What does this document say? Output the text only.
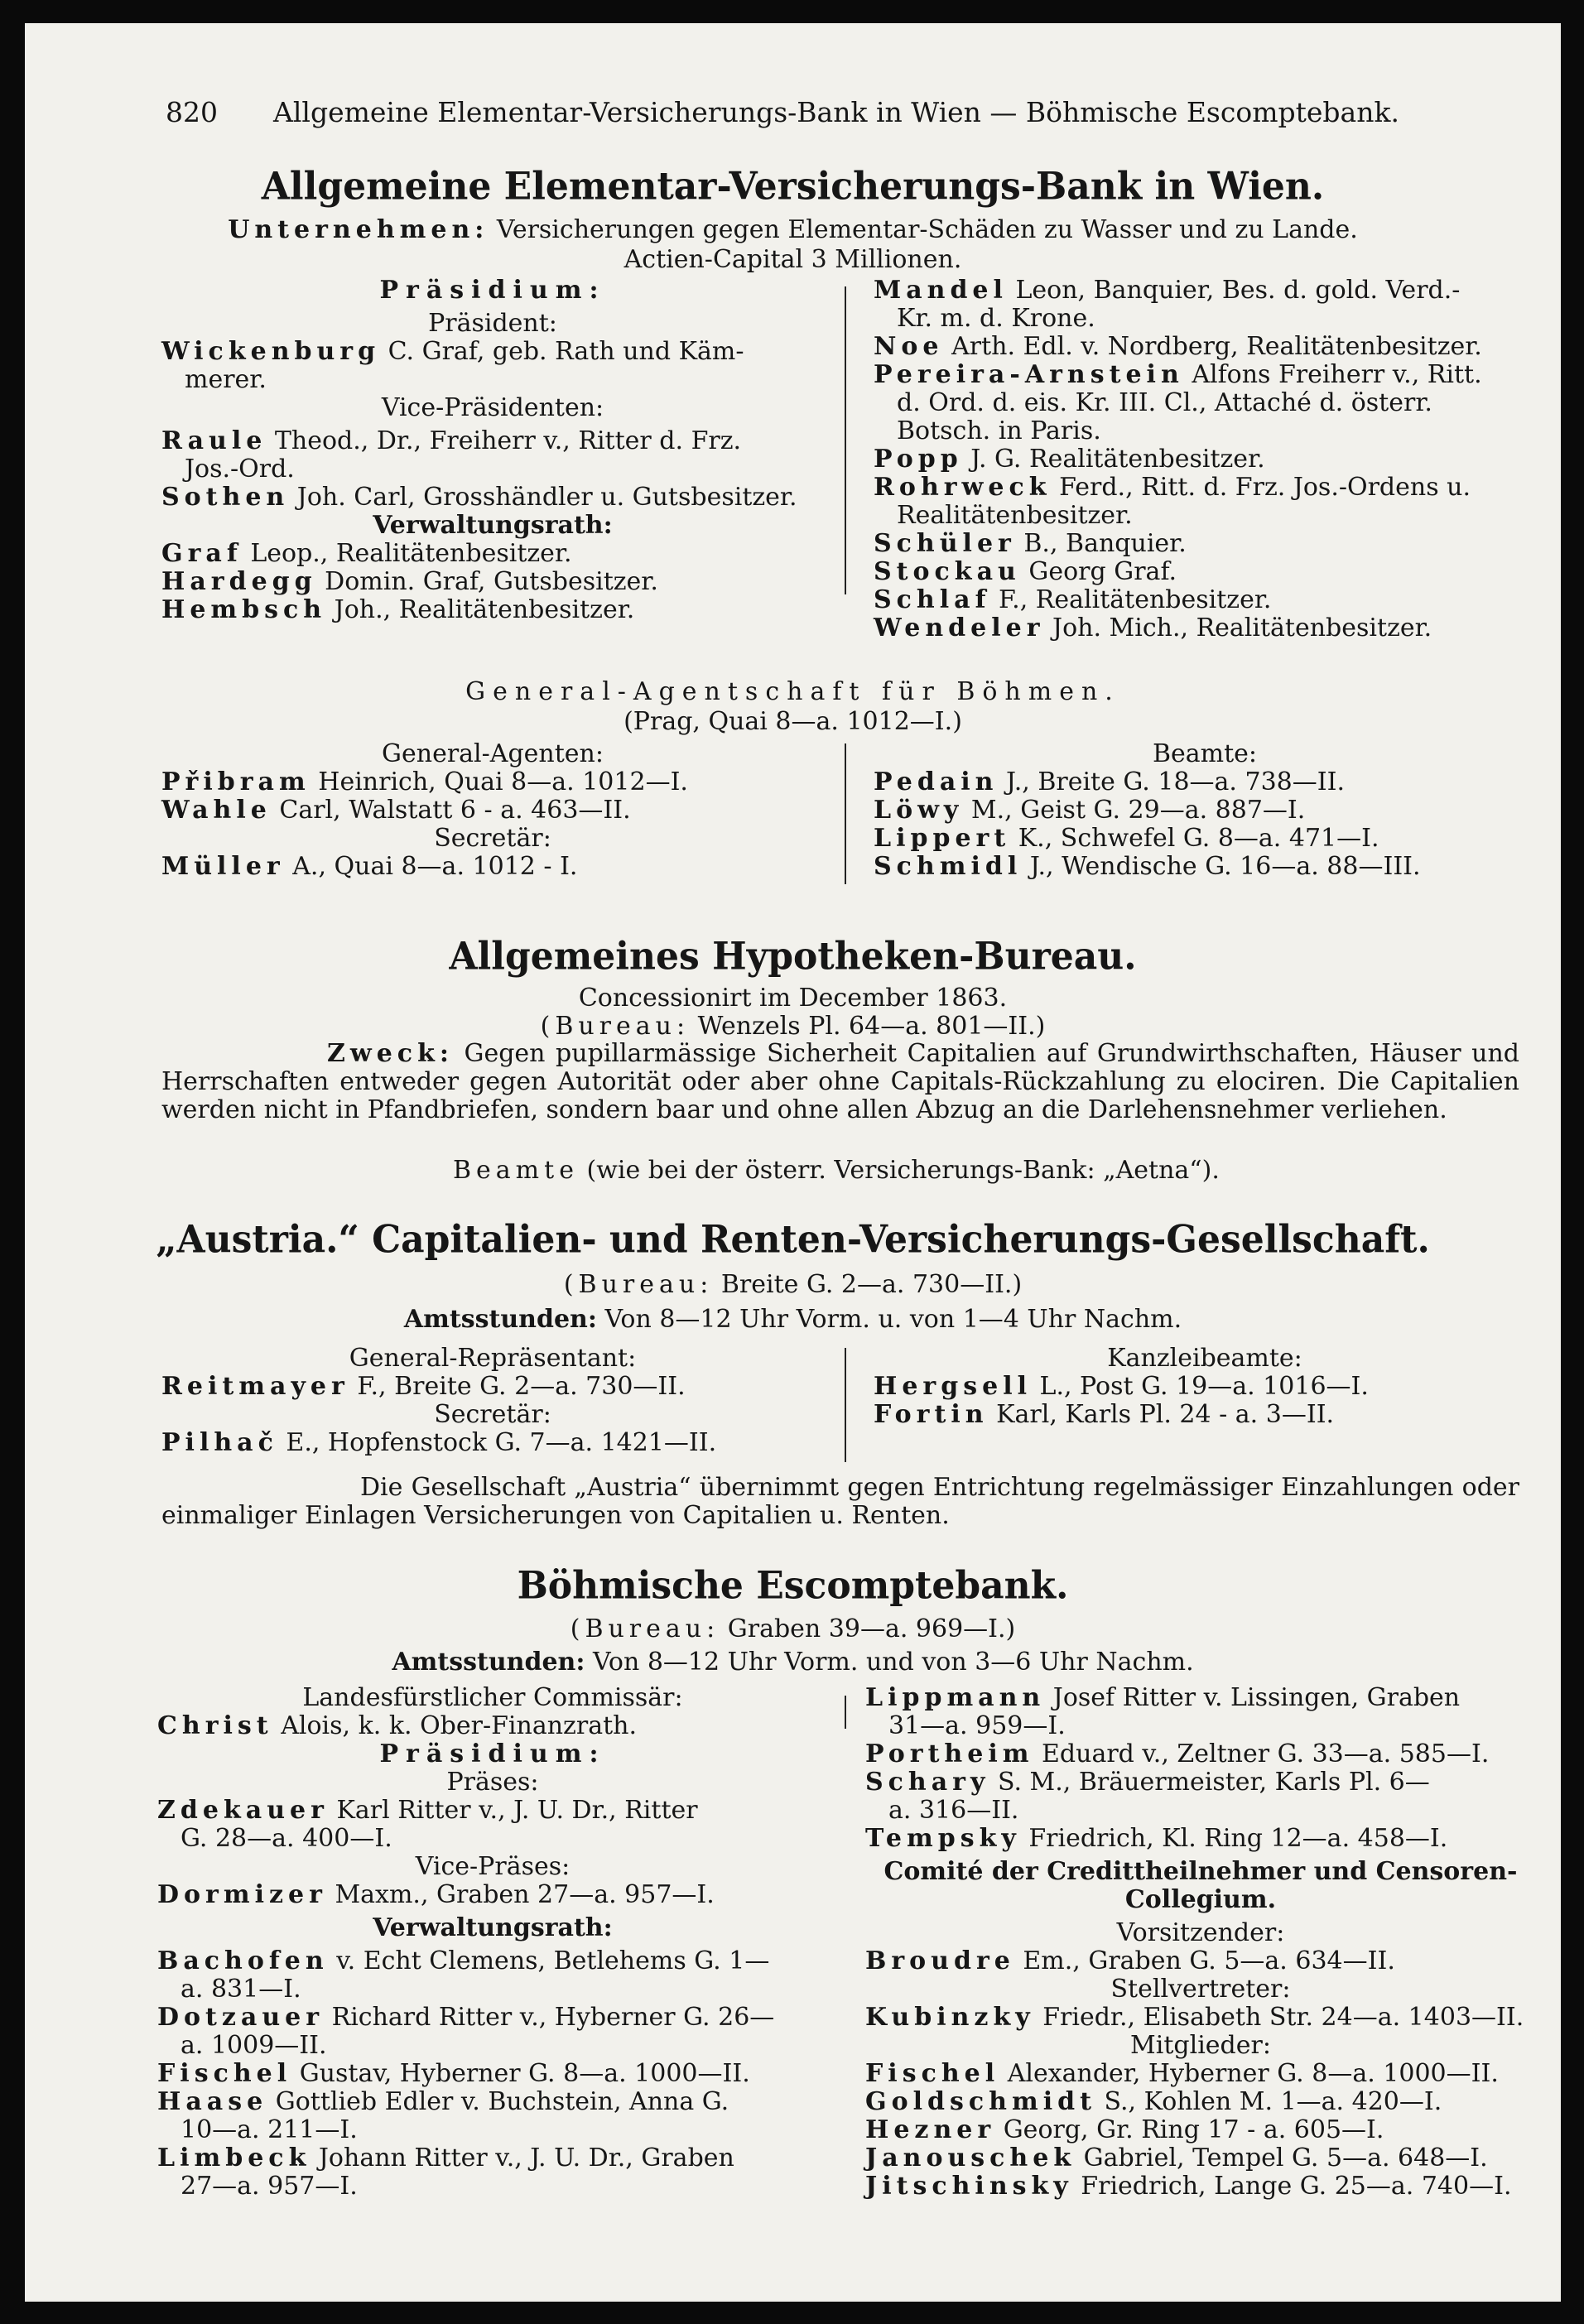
820 Allgemeine Elementar-Versicherungs-Bank in Wien — Böhmische Escomptebank.
Allgemeine Elementar-Versicherungs-Bank in Wien.
Unternehmen: Versicherungen gegen Elementar-Schäden zu Wasser und zu Lande.
Actien-Capital 3 Millionen.
Präsidium:
Präsident:
Wickenburg C. Graf, geb. Rath und Käm-
merer.
Vice-Präsidenten:
Raule Theod., Dr., Freiherr v., Ritter d. Frz.
Jos.-Ord.
Sothen Joh. Carl, Grosshändler u. Gutsbesitzer.
Verwaltungsrath:
Graf Leop., Realitätenbesitzer.
Hardegg Domin. Graf, Gutsbesitzer.
Hembsch Joh., Realitätenbesitzer.
Mandel Leon, Banquier, Bes. d. gold. Verd.-
Kr. m. d. Krone.
Noe Arth. Edl. v. Nordberg, Realitätenbesitzer.
Pereira-Arnstein Alfons Freiherr v., Ritt.
d. Ord. d. eis. Kr. III. Cl., Attaché d. österr.
Botsch. in Paris.
Popp J. G. Realitätenbesitzer.
Rohrweck Ferd., Ritt. d. Frz. Jos.-Ordens u.
Realitätenbesitzer.
Schüler B., Banquier.
Stockau Georg Graf.
Schlaf F., Realitätenbesitzer.
Wendeler Joh. Mich., Realitätenbesitzer.
General-Agentschaft für Böhmen.
(Prag, Quai 8—a. 1012—I.)
General-Agenten:
Přibram Heinrich, Quai 8—a. 1012—I.
Wahle Carl, Walstatt 6 - a. 463—II.
Secretär:
Müller A., Quai 8—a. 1012 - I.
Beamte:
Pedain J., Breite G. 18—a. 738—II.
Löwy M., Geist G. 29—a. 887—I.
Lippert K., Schwefel G. 8—a. 471—I.
Schmidl J., Wendische G. 16—a. 88—III.
Allgemeines Hypotheken-Bureau.
Concessionirt im December 1863.
(Bureau: Wenzels Pl. 64—a. 801—II.)
Zweck: Gegen pupillarmässige Sicherheit Capitalien auf Grundwirthschaften, Häuser und Herrschaften entweder gegen Autorität oder aber ohne Capitals-Rückzahlung zu elociren. Die Capitalien werden nicht in Pfandbriefen, sondern baar und ohne allen Abzug an die Darlehensnehmer verliehen.
Beamte (wie bei der österr. Versicherungs-Bank: „Aetna“).
„Austria.“ Capitalien- und Renten-Versicherungs-Gesellschaft.
(Bureau: Breite G. 2—a. 730—II.)
Amtsstunden: Von 8—12 Uhr Vorm. u. von 1—4 Uhr Nachm.
General-Repräsentant:
Reitmayer F., Breite G. 2—a. 730—II.
Secretär:
Pilhač E., Hopfenstock G. 7—a. 1421—II.
Kanzleibeamte:
Hergsell L., Post G. 19—a. 1016—I.
Fortin Karl, Karls Pl. 24 - a. 3—II.
Die Gesellschaft „Austria“ übernimmt gegen Entrichtung regelmässiger Einzahlungen oder einmaliger Einlagen Versicherungen von Capitalien u. Renten.
Böhmische Escomptebank.
(Bureau: Graben 39—a. 969—I.)
Amtsstunden: Von 8—12 Uhr Vorm. und von 3—6 Uhr Nachm.
Landesfürstlicher Commissär:
Christ Alois, k. k. Ober-Finanzrath.
Präsidium:
Präses:
Zdekauer Karl Ritter v., J. U. Dr., Ritter
G. 28—a. 400—I.
Vice-Präses:
Dormizer Maxm., Graben 27—a. 957—I.
Verwaltungsrath:
Bachofen v. Echt Clemens, Betlehems G. 1—
a. 831—I.
Dotzauer Richard Ritter v., Hyberner G. 26—
a. 1009—II.
Fischel Gustav, Hyberner G. 8—a. 1000—II.
Haase Gottlieb Edler v. Buchstein, Anna G.
10—a. 211—I.
Limbeck Johann Ritter v., J. U. Dr., Graben
27—a. 957—I.
Lippmann Josef Ritter v. Lissingen, Graben
31—a. 959—I.
Portheim Eduard v., Zeltner G. 33—a. 585—I.
Schary S. M., Bräuermeister, Karls Pl. 6—
a. 316—II.
Tempsky Friedrich, Kl. Ring 12—a. 458—I.
Comité der Credittheilnehmer und Censoren-
Collegium.
Vorsitzender:
Broudre Em., Graben G. 5—a. 634—II.
Stellvertreter:
Kubinzky Friedr., Elisabeth Str. 24—a. 1403—II.
Mitglieder:
Fischel Alexander, Hyberner G. 8—a. 1000—II.
Goldschmidt S., Kohlen M. 1—a. 420—I.
Hezner Georg, Gr. Ring 17 - a. 605—I.
Janouschek Gabriel, Tempel G. 5—a. 648—I.
Jitschinsky Friedrich, Lange G. 25—a. 740—I.
